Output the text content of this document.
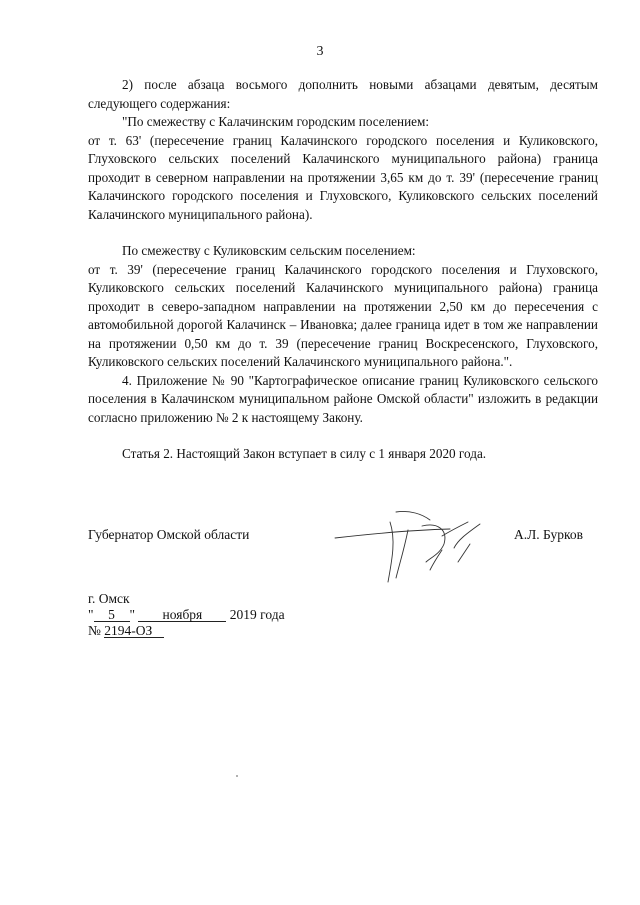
3

2) после абзаца восьмого дополнить новыми абзацами девятым, десятым следующего содержания:

"По смежеству с Калачинским городским поселением:

от т. 63' (пересечение границ Калачинского городского поселения и Куликовского, Глуховского сельских поселений Калачинского муниципального района) граница проходит в северном направлении на протяжении 3,65 км до т. 39' (пересечение границ Калачинского городского поселения и Глуховского, Куликовского сельских поселений Калачинского муниципального района).

По смежеству с Куликовским сельским поселением:

от т. 39' (пересечение границ Калачинского городского поселения и Глуховского, Куликовского сельских поселений Калачинского муниципального района) граница проходит в северо-западном направлении на протяжении 2,50 км до пересечения с автомобильной дорогой Калачинск – Ивановка; далее граница идет в том же направлении на протяжении 0,50 км до т. 39 (пересечение границ Воскресенского, Глуховского, Куликовского сельских поселений Калачинского муниципального района.".

4. Приложение № 90 "Картографическое описание границ Куликовского сельского поселения в Калачинском муниципальном районе Омской области" изложить в редакции согласно приложению № 2 к настоящему Закону.

Статья 2. Настоящий Закон вступает в силу с 1 января 2020 года.

Губернатор Омской области	А.Л. Бурков
г. Омск
" 5 " ноября 2019 года
№ 2194-ОЗ
